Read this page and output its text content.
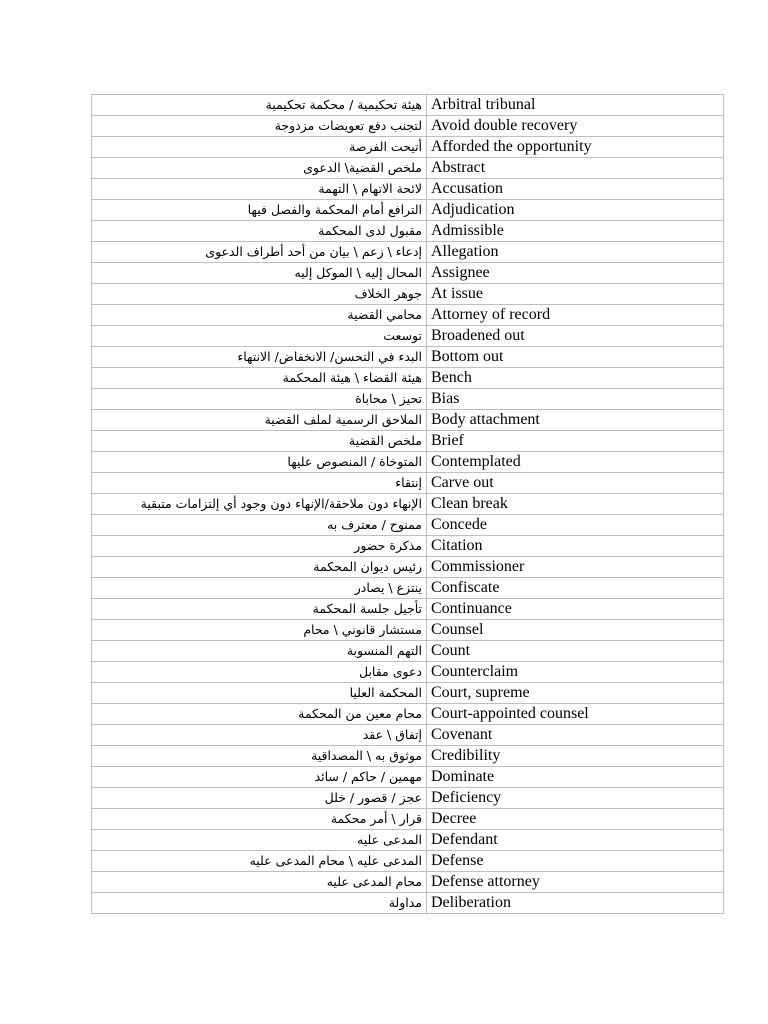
هيئة تحكيمية / محكمة تحكيمية	Arbitral tribunal
لتجنب دفع تعويضات مزدوجة	Avoid double recovery
أتيحت الفرصة	Afforded the opportunity
ملخص القضية\ الدعوى	Abstract
لائحة الاتهام \ التهمة	Accusation
الترافع أمام المحكمة والفصل فيها	Adjudication
مقبول لدى المحكمة	Admissible
إدعاء \ زعم \ بيان من أحد أطراف الدعوى	Allegation
المحال إليه \ الموكل إليه	Assignee
جوهر الخلاف	At issue
محامي القضية	Attorney of record
توسعت	Broadened out
البدء في التحسن/ الانخفاض/ الانتهاء	Bottom out
هيئة القضاء \ هيئة المحكمة	Bench
تحيز \ محاباة	Bias
الملاحق الرسمية لملف القضية	Body attachment
ملخص القضية	Brief
المتوخاة / المنصوص عليها	Contemplated
إنتقاء	Carve out
الإنهاء دون ملاحقة/الإنهاء دون وجود أي إلتزامات متبقية	Clean break
ممنوح / معترف به	Concede
مذكرة حضور	Citation
رئيس ديوان المحكمة	Commissioner
ينتزع \ يصادر	Confiscate
تأجيل جلسة المحكمة	Continuance
مستشار قانوني \ محام	Counsel
التهم المنسوبة	Count
دعوى مقابل	Counterclaim
المحكمة العليا	Court, supreme
محام معين من المحكمة	Court-appointed counsel
إتفاق \ عقد	Covenant
موثوق به \ المصداقية	Credibility
مهمين / حاكم / سائد	Dominate
عجز / قصور / خلل	Deficiency
قرار \ أمر محكمة	Decree
المدعى عليه	Defendant
المدعى عليه \ محام المدعى عليه	Defense
محام المدعى عليه	Defense attorney
مداولة	Deliberation
